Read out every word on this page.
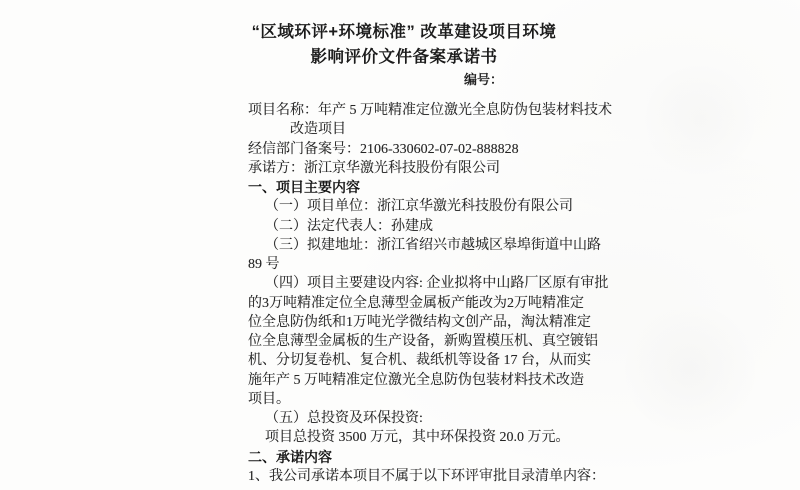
“区域环评+环境标准” 改革建设项目环境
影响评价文件备案承诺书
编号：
项目名称：年产 5 万吨精准定位激光全息防伪包装材料技术
改造项目
经信部门备案号：2106-330602-07-02-888828
承诺方：浙江京华激光科技股份有限公司
一、项目主要内容
（一）项目单位：浙江京华激光科技股份有限公司
（二）法定代表人：孙建成
（三）拟建地址：浙江省绍兴市越城区皋埠街道中山路
89 号
（四）项目主要建设内容: 企业拟将中山路厂区原有审批
的3万吨精准定位全息薄型金属板产能改为2万吨精准定
位全息防伪纸和1万吨光学微结构文创产品，淘汰精准定
位全息薄型金属板的生产设备，新购置模压机、真空镀铝
机、分切复卷机、复合机、裁纸机等设备 17 台，从而实
施年产 5 万吨精准定位激光全息防伪包装材料技术改造
项目。
（五）总投资及环保投资:
项目总投资 3500 万元，其中环保投资 20.0 万元。
二、承诺内容
1、我公司承诺本项目不属于以下环评审批目录清单内容：
